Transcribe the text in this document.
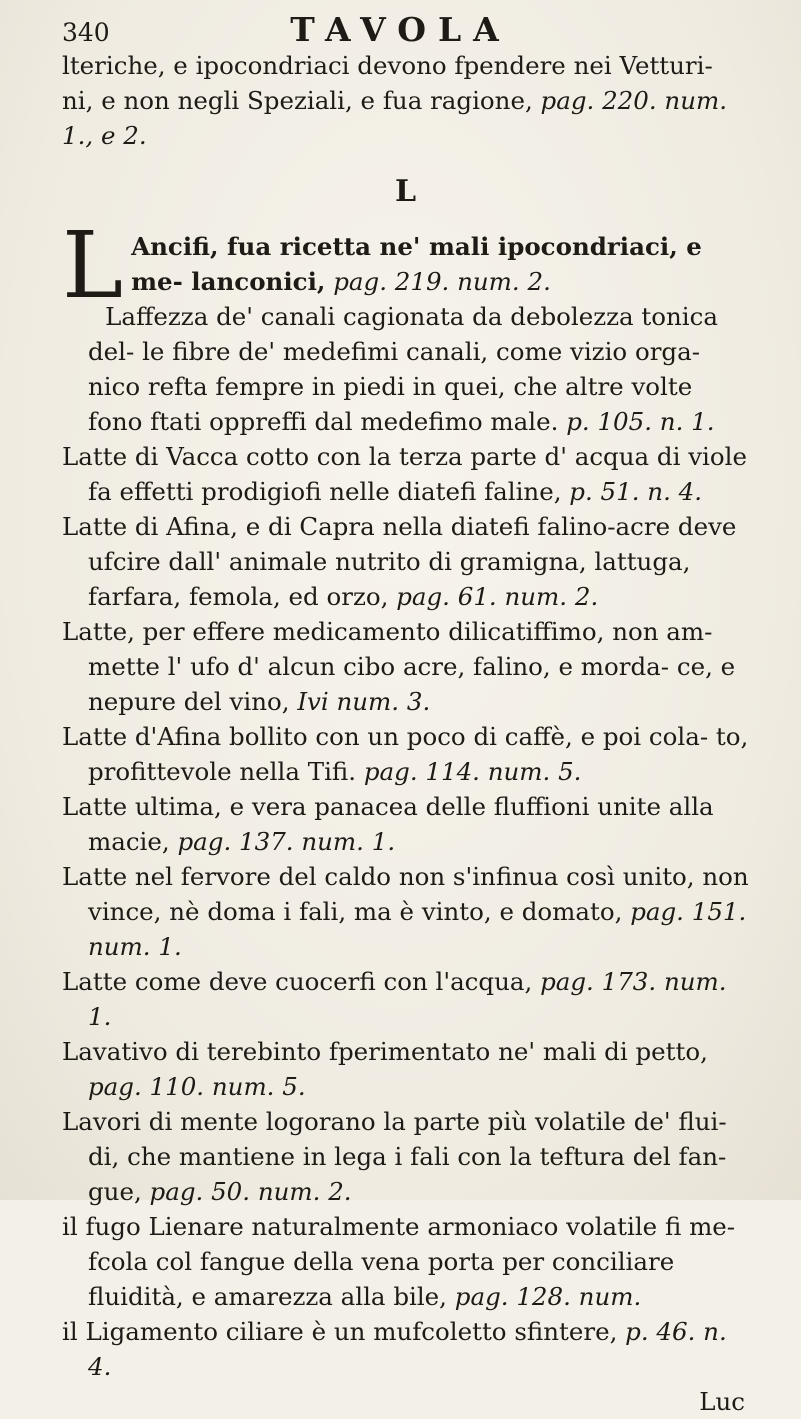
340	TAVOLA

lteriche, e ipocondriaci devono fpendere nei Vetturi- ni, e non negli Speziali, e fua ragione, pag. 220. num. 1., e 2.

L

L Ancifi, fua ricetta ne' mali ipocondriaci, e me- lanconici, pag. 219. num. 2.

Laffezza de' canali cagionata da debolezza tonica del- le fibre de' medefimi canali, come vizio orga- nico refta fempre in piedi in quei, che altre volte fono ftati oppreffi dal medefimo male. p. 105. n. 1.

Latte di Vacca cotto con la terza parte d' acqua di viole fa effetti prodigiofi nelle diatefi faline, p. 51. n. 4.

Latte di Afina, e di Capra nella diatefi falino-acre deve ufcire dall' animale nutrito di gramigna, lattuga, farfara, femola, ed orzo, pag. 61. num. 2.

Latte, per effere medicamento dilicatiffimo, non am- mette l' ufo d' alcun cibo acre, falino, e morda- ce, e nepure del vino, Ivi num. 3.

Latte d'Afina bollito con un poco di caffè, e poi cola- to, profittevole nella Tifi. pag. 114. num. 5.

Latte ultima, e vera panacea delle fluffioni unite alla macie, pag. 137. num. 1.

Latte nel fervore del caldo non s'infinua così unito, non vince, nè doma i fali, ma è vinto, e domato, pag. 151. num. 1.

Latte come deve cuocerfi con l'acqua, pag. 173. num. 1.

Lavativo di terebinto fperimentato ne' mali di petto, pag. 110. num. 5.

Lavori di mente logorano la parte più volatile de' flui- di, che mantiene in lega i fali con la teftura del fan- gue, pag. 50. num. 2.

il fugo Lienare naturalmente armoniaco volatile fi me- fcola col fangue della vena porta per conciliare fluidità, e amarezza alla bile, pag. 128. num.

il Ligamento ciliare è un mufcoletto sfintere, p. 46. n. 4.

Luc
